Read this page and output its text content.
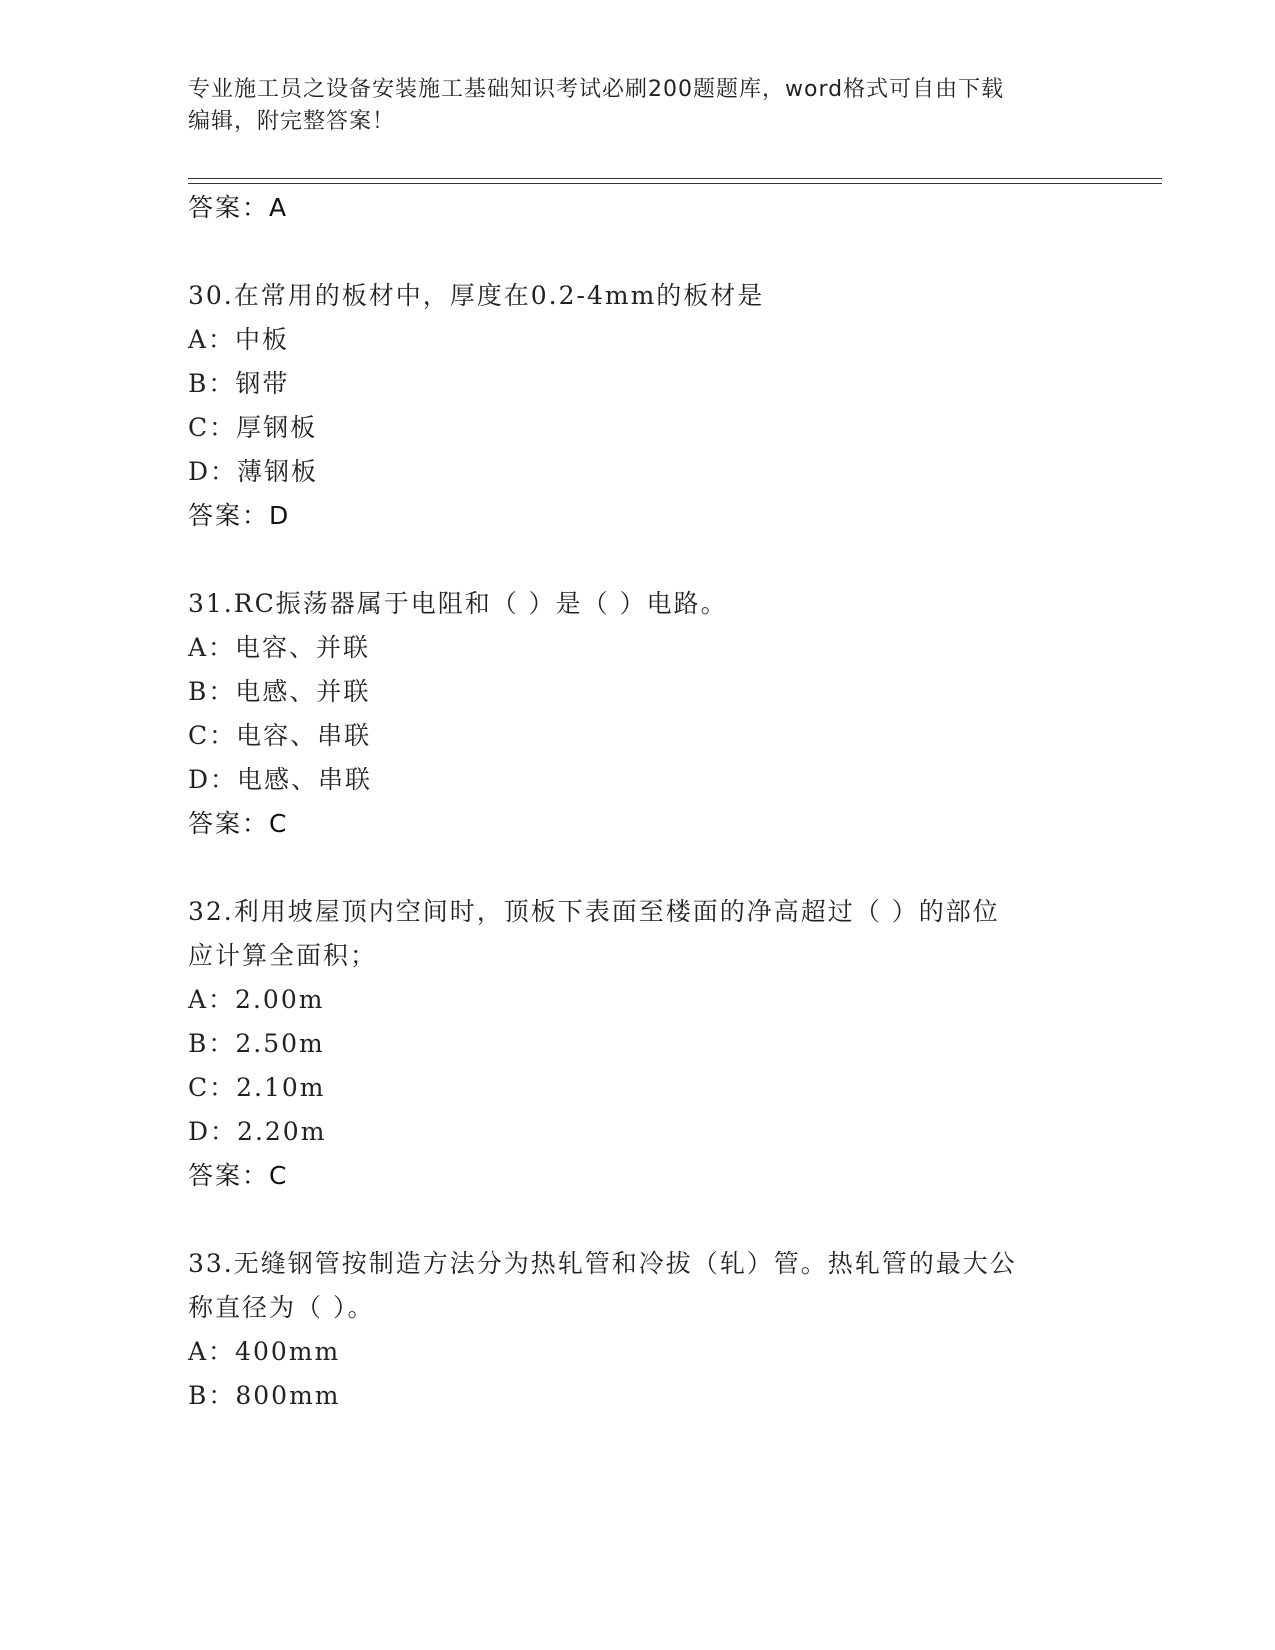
专业施工员之设备安装施工基础知识考试必刷200题题库，word格式可自由下载
编辑，附完整答案！
答案：A
30.在常用的板材中，厚度在0.2-4mm的板材是
A：中板
B：钢带
C：厚钢板
D：薄钢板
答案：D
31.RC振荡器属于电阻和（ ）是（ ）电路。
A：电容、并联
B：电感、并联
C：电容、串联
D：电感、串联
答案：C
32.利用坡屋顶内空间时，顶板下表面至楼面的净高超过（ ）的部位
应计算全面积；
A：2.00m
B：2.50m
C：2.10m
D：2.20m
答案：C
33.无缝钢管按制造方法分为热轧管和冷拔（轧）管。热轧管的最大公
称直径为（ ）。
A：400mm
B：800mm
